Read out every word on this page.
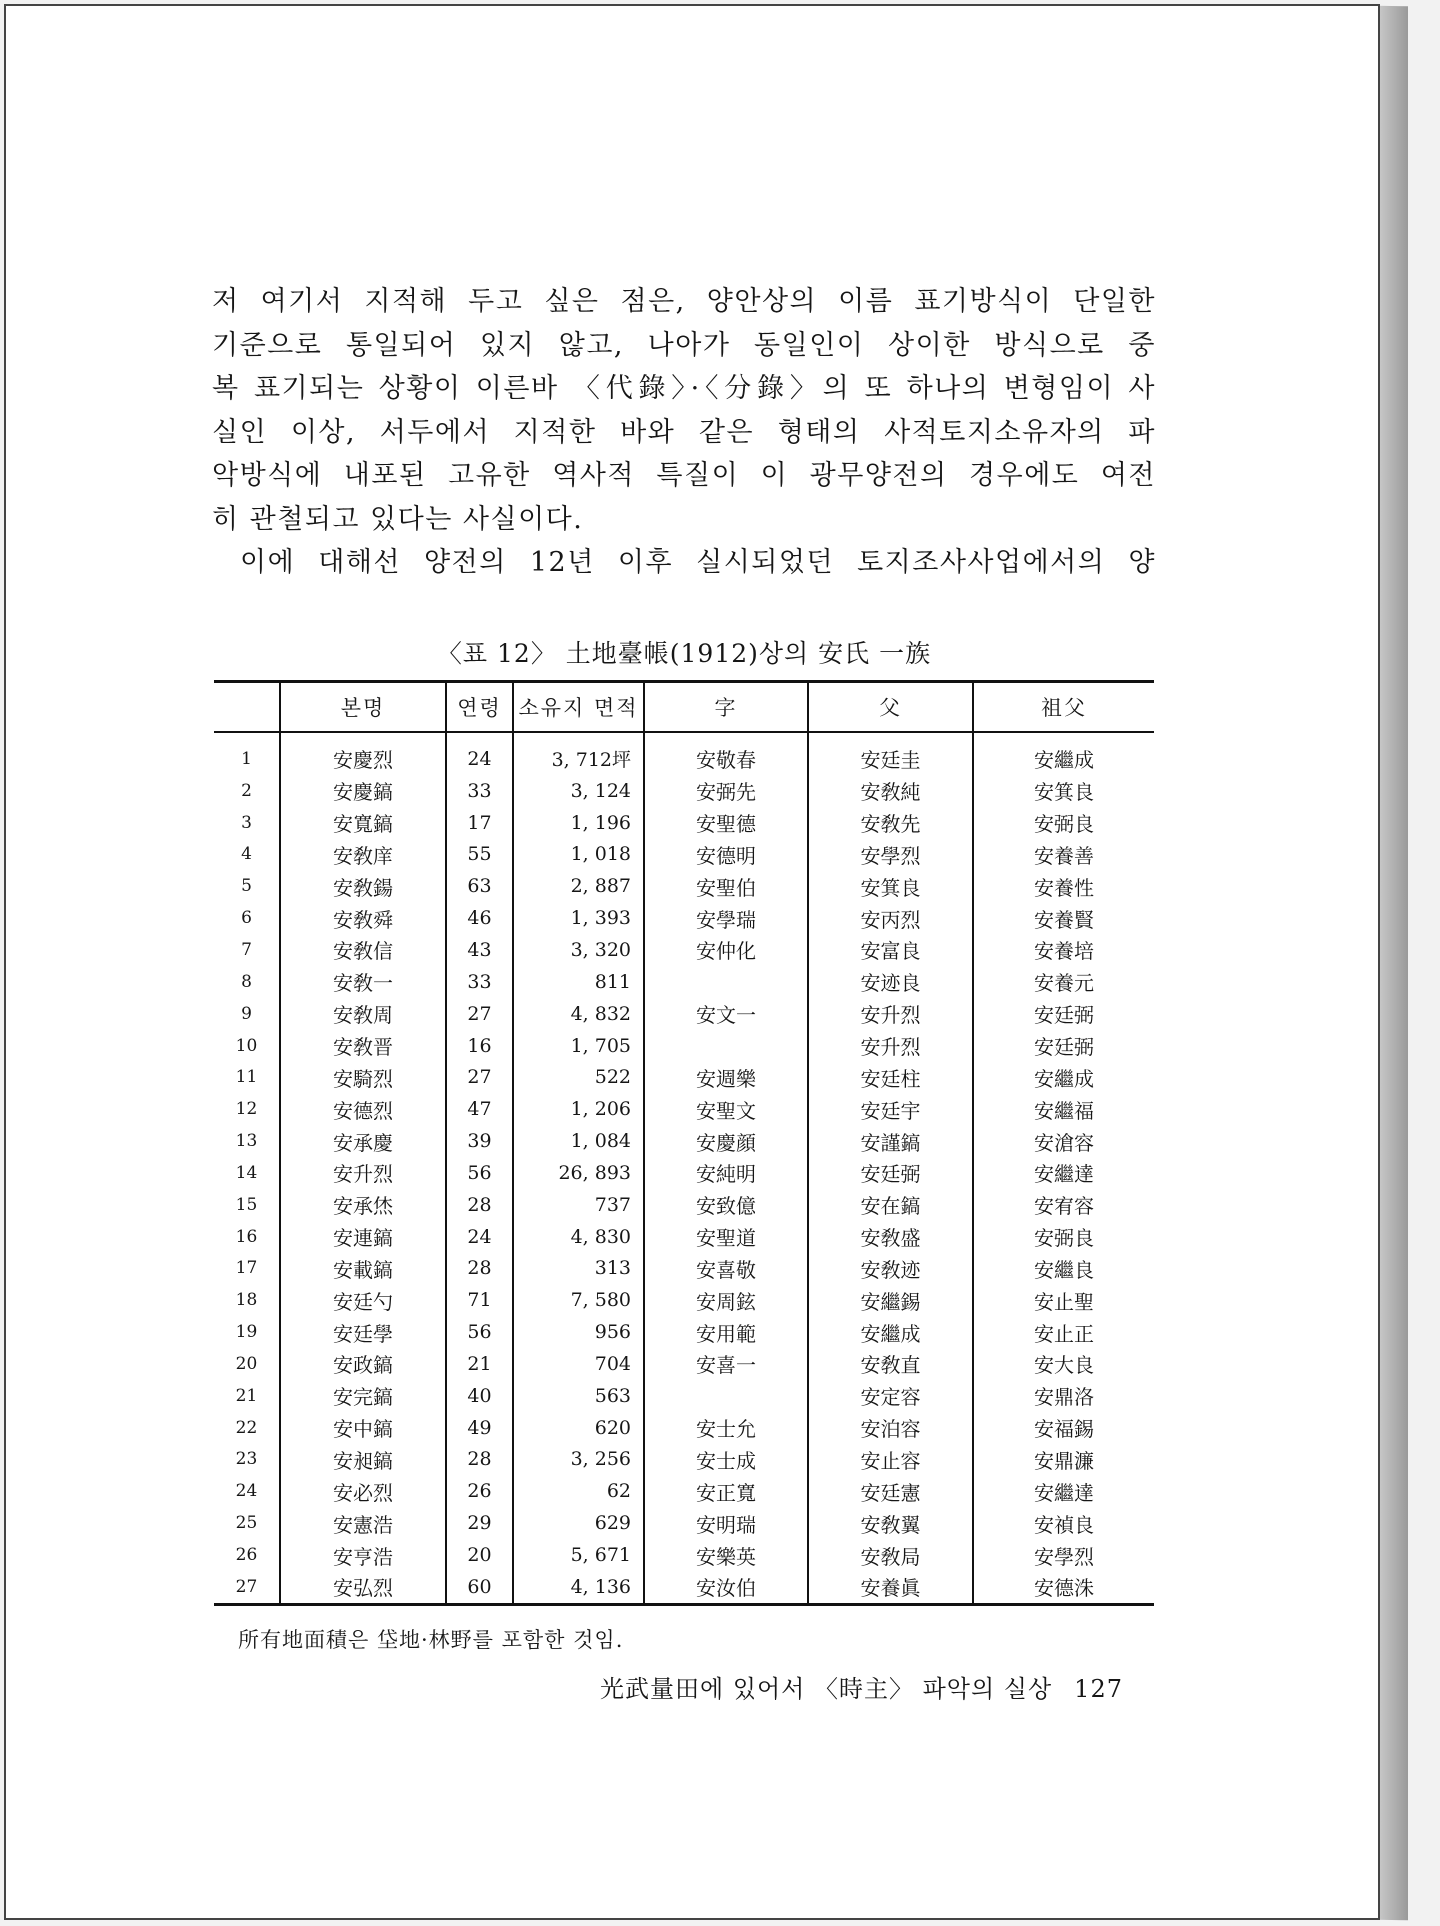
저 여기서 지적해 두고 싶은 점은, 양안상의 이름 표기방식이 단일한

기준으로 통일되어 있지 않고, 나아가 동일인이 상이한 방식으로 중

복 표기되는 상황이 이른바 〈代錄〉·〈分錄〉의 또 하나의 변형임이 사

실인 이상, 서두에서 지적한 바와 같은 형태의 사적토지소유자의 파

악방식에 내포된 고유한 역사적 특질이 이 광무양전의 경우에도 여전

히 관철되고 있다는 사실이다.

이에 대해선 양전의 12년 이후 실시되었던 토지조사사업에서의 양

〈표 12〉 土地臺帳(1912)상의 安氏 一族
	본명	연령	소유지 면적	字	父	祖父
1	安慶烈	24	3, 712坪	安敬春	安廷圭	安繼成
2	安慶鎬	33	3, 124	安弼先	安敎純	安箕良
3	安寬鎬	17	1, 196	安聖德	安敎先	安弼良
4	安敎庠	55	1, 018	安德明	安學烈	安養善
5	安敎鍚	63	2, 887	安聖伯	安箕良	安養性
6	安敎舜	46	1, 393	安學瑞	安丙烈	安養賢
7	安敎信	43	3, 320	安仲化	安富良	安養培
8	安敎一	33	811		安迹良	安養元
9	安敎周	27	4, 832	安文一	安升烈	安廷弼
10	安敎晋	16	1, 705		安升烈	安廷弼
11	安騎烈	27	522	安週樂	安廷柱	安繼成
12	安德烈	47	1, 206	安聖文	安廷宇	安繼福
13	安承慶	39	1, 084	安慶顔	安謹鎬	安滄容
14	安升烈	56	26, 893	安純明	安廷弼	安繼達
15	安承烋	28	737	安致億	安在鎬	安宥容
16	安連鎬	24	4, 830	安聖道	安敎盛	安弼良
17	安載鎬	28	313	安喜敬	安敎迹	安繼良
18	安廷勺	71	7, 580	安周鉉	安繼錫	安止聖
19	安廷學	56	956	安用範	安繼成	安止正
20	安政鎬	21	704	安喜一	安敎直	安大良
21	安完鎬	40	563		安定容	安鼎洛
22	安中鎬	49	620	安士允	安泊容	安福錫
23	安昶鎬	28	3, 256	安士成	安止容	安鼎濂
24	安必烈	26	62	安正寬	安廷憲	安繼達
25	安憲浩	29	629	安明瑞	安敎翼	安禎良
26	安亨浩	20	5, 671	安樂英	安敎局	安學烈
27	安弘烈	60	4, 136	安汝伯	安養眞	安德洙
所有地面積은 垈地·林野를 포함한 것임.
光武量田에 있어서 〈時主〉 파악의 실상 127
